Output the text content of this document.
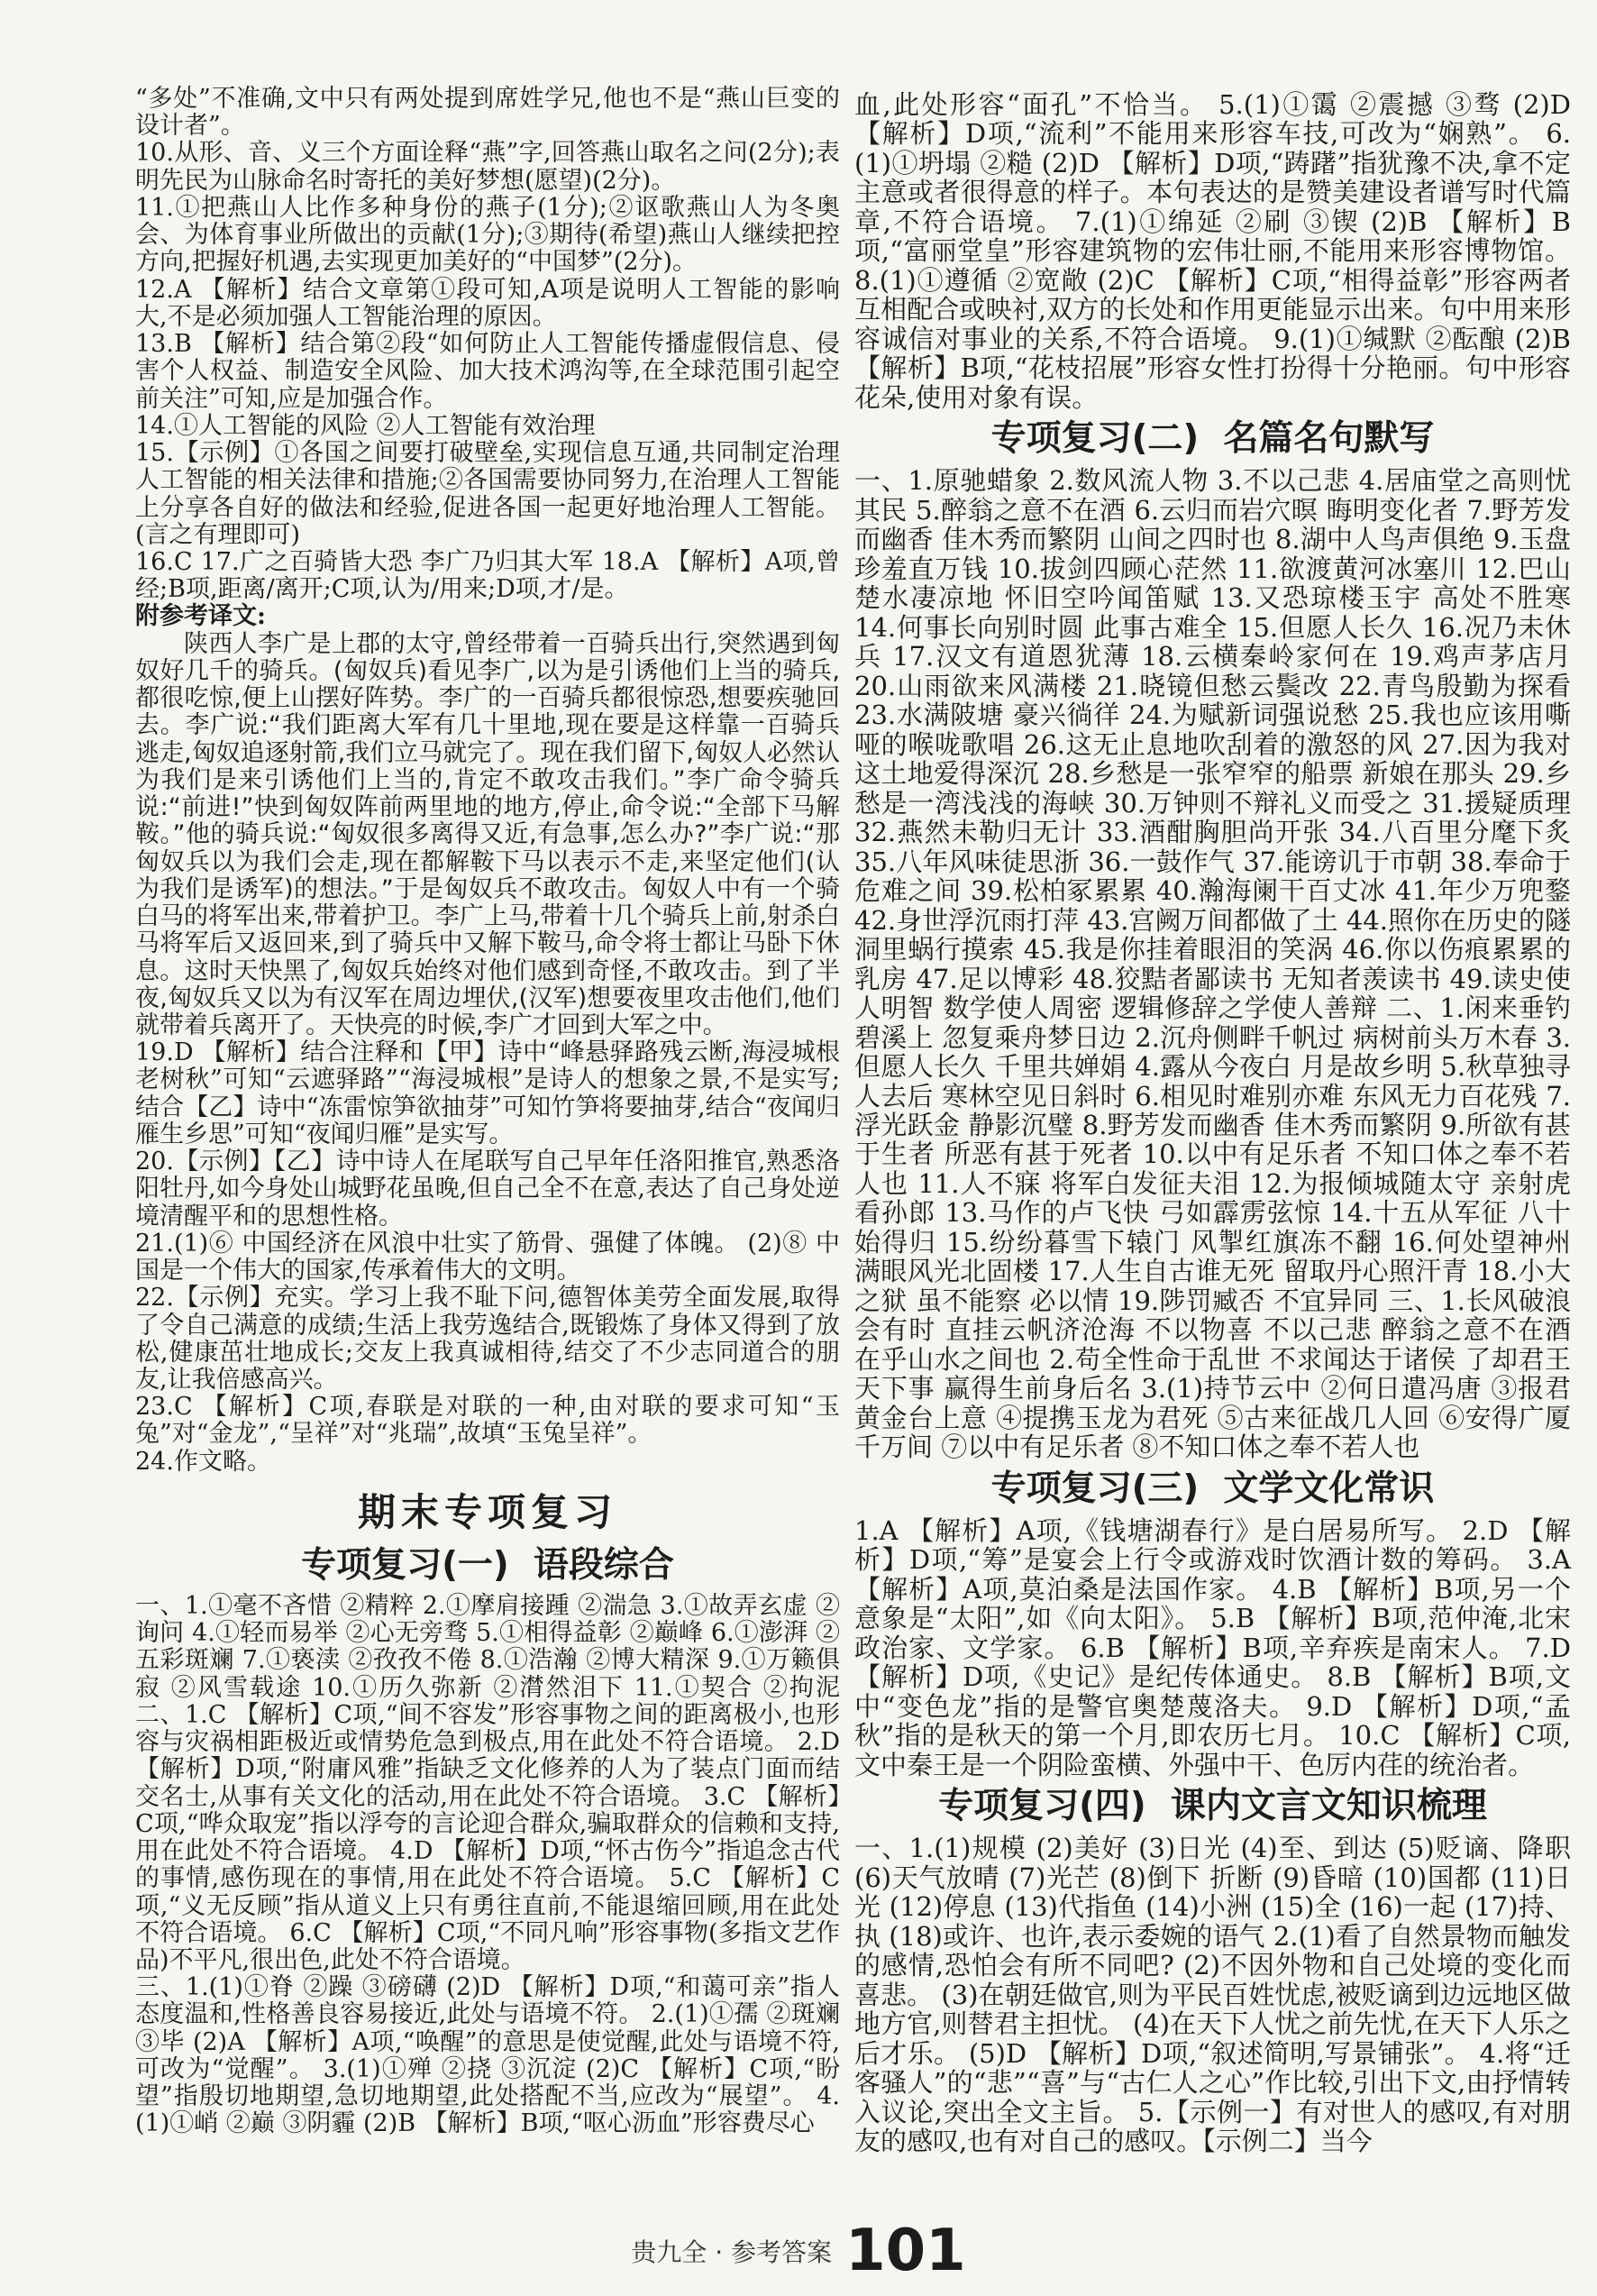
“多处”不准确,文中只有两处提到席姓学兄,他也不是“燕山巨变的设计者”。

10.从形、音、义三个方面诠释“燕”字,回答燕山取名之问(2分);表明先民为山脉命名时寄托的美好梦想(愿望)(2分)。

11.①把燕山人比作多种身份的燕子(1分);②讴歌燕山人为冬奥会、为体育事业所做出的贡献(1分);③期待(希望)燕山人继续把控方向,把握好机遇,去实现更加美好的“中国梦”(2分)。

12.A 【解析】结合文章第①段可知,A项是说明人工智能的影响大,不是必须加强人工智能治理的原因。

13.B 【解析】结合第②段“如何防止人工智能传播虚假信息、侵害个人权益、制造安全风险、加大技术鸿沟等,在全球范围引起空前关注”可知,应是加强合作。

14.①人工智能的风险 ②人工智能有效治理

15.【示例】①各国之间要打破壁垒,实现信息互通,共同制定治理人工智能的相关法律和措施;②各国需要协同努力,在治理人工智能上分享各自好的做法和经验,促进各国一起更好地治理人工智能。(言之有理即可)

16.C 17.广之百骑皆大恐 李广乃归其大军 18.A 【解析】A项,曾经;B项,距离/离开;C项,认为/用来;D项,才/是。

附参考译文:

陕西人李广是上郡的太守,曾经带着一百骑兵出行,突然遇到匈奴好几千的骑兵。(匈奴兵)看见李广,以为是引诱他们上当的骑兵,都很吃惊,便上山摆好阵势。李广的一百骑兵都很惊恐,想要疾驰回去。李广说:“我们距离大军有几十里地,现在要是这样靠一百骑兵逃走,匈奴追逐射箭,我们立马就完了。现在我们留下,匈奴人必然认为我们是来引诱他们上当的,肯定不敢攻击我们。”李广命令骑兵说:“前进!”快到匈奴阵前两里地的地方,停止,命令说:“全部下马解鞍。”他的骑兵说:“匈奴很多离得又近,有急事,怎么办?”李广说:“那匈奴兵以为我们会走,现在都解鞍下马以表示不走,来坚定他们(认为我们是诱军)的想法。”于是匈奴兵不敢攻击。匈奴人中有一个骑白马的将军出来,带着护卫。李广上马,带着十几个骑兵上前,射杀白马将军后又返回来,到了骑兵中又解下鞍马,命令将士都让马卧下休息。这时天快黑了,匈奴兵始终对他们感到奇怪,不敢攻击。到了半夜,匈奴兵又以为有汉军在周边埋伏,(汉军)想要夜里攻击他们,他们就带着兵离开了。天快亮的时候,李广才回到大军之中。

19.D 【解析】结合注释和【甲】诗中“峰悬驿路残云断,海浸城根老树秋”可知“云遮驿路”“海浸城根”是诗人的想象之景,不是实写;结合【乙】诗中“冻雷惊笋欲抽芽”可知竹笋将要抽芽,结合“夜闻归雁生乡思”可知“夜闻归雁”是实写。

20.【示例】【乙】诗中诗人在尾联写自己早年任洛阳推官,熟悉洛阳牡丹,如今身处山城野花虽晚,但自己全不在意,表达了自己身处逆境清醒平和的思想性格。

21.(1)⑥ 中国经济在风浪中壮实了筋骨、强健了体魄。 (2)⑧ 中国是一个伟大的国家,传承着伟大的文明。

22.【示例】充实。学习上我不耻下问,德智体美劳全面发展,取得了令自己满意的成绩;生活上我劳逸结合,既锻炼了身体又得到了放松,健康茁壮地成长;交友上我真诚相待,结交了不少志同道合的朋友,让我倍感高兴。

23.C 【解析】C项,春联是对联的一种,由对联的要求可知“玉兔”对“金龙”,“呈祥”对“兆瑞”,故填“玉兔呈祥”。

24.作文略。

期末专项复习
专项复习(一)  语段综合

一、1.①毫不吝惜 ②精粹 2.①摩肩接踵 ②湍急 3.①故弄玄虚 ②询问 4.①轻而易举 ②心无旁骛 5.①相得益彰 ②巅峰 6.①澎湃 ②五彩斑斓 7.①亵渎 ②孜孜不倦 8.①浩瀚 ②博大精深 9.①万籁俱寂 ②风雪载途 10.①历久弥新 ②潸然泪下 11.①契合 ②拘泥 二、1.C 【解析】C项,“间不容发”形容事物之间的距离极小,也形容与灾祸相距极近或情势危急到极点,用在此处不符合语境。 2.D 【解析】D项,“附庸风雅”指缺乏文化修养的人为了装点门面而结交名士,从事有关文化的活动,用在此处不符合语境。 3.C 【解析】C项,“哗众取宠”指以浮夸的言论迎合群众,骗取群众的信赖和支持,用在此处不符合语境。 4.D 【解析】D项,“怀古伤今”指追念古代的事情,感伤现在的事情,用在此处不符合语境。 5.C 【解析】C项,“义无反顾”指从道义上只有勇往直前,不能退缩回顾,用在此处不符合语境。 6.C 【解析】C项,“不同凡响”形容事物(多指文艺作品)不平凡,很出色,此处不符合语境。
三、1.(1)①脊 ②躁 ③磅礴 (2)D 【解析】D项,“和蔼可亲”指人态度温和,性格善良容易接近,此处与语境不符。 2.(1)①孺 ②斑斓 ③毕 (2)A 【解析】A项,“唤醒”的意思是使觉醒,此处与语境不符,可改为“觉醒”。 3.(1)①殚 ②挠 ③沉淀 (2)C 【解析】C项,“盼望”指殷切地期望,急切地期望,此处搭配不当,应改为“展望”。 4.(1)①峭 ②巅 ③阴霾 (2)B 【解析】B项,“呕心沥血”形容费尽心

血,此处形容“面孔”不恰当。 5.(1)①霭 ②震撼 ③骛 (2)D 【解析】D项,“流利”不能用来形容车技,可改为“娴熟”。 6.(1)①坍塌 ②糙 (2)D 【解析】D项,“踌躇”指犹豫不决,拿不定主意或者很得意的样子。本句表达的是赞美建设者谱写时代篇章,不符合语境。 7.(1)①绵延 ②刷 ③锲 (2)B 【解析】B项,“富丽堂皇”形容建筑物的宏伟壮丽,不能用来形容博物馆。 8.(1)①遵循 ②宽敞 (2)C 【解析】C项,“相得益彰”形容两者互相配合或映衬,双方的长处和作用更能显示出来。句中用来形容诚信对事业的关系,不符合语境。 9.(1)①缄默 ②酝酿 (2)B 【解析】B项,“花枝招展”形容女性打扮得十分艳丽。句中形容花朵,使用对象有误。

专项复习(二)  名篇名句默写

一、1.原驰蜡象 2.数风流人物 3.不以己悲 4.居庙堂之高则忧其民 5.醉翁之意不在酒 6.云归而岩穴暝 晦明变化者 7.野芳发而幽香 佳木秀而繁阴 山间之四时也 8.湖中人鸟声俱绝 9.玉盘珍羞直万钱 10.拔剑四顾心茫然 11.欲渡黄河冰塞川 12.巴山楚水凄凉地 怀旧空吟闻笛赋 13.又恐琼楼玉宇 高处不胜寒 14.何事长向别时圆 此事古难全 15.但愿人长久 16.况乃未休兵 17.汉文有道恩犹薄 18.云横秦岭家何在 19.鸡声茅店月 20.山雨欲来风满楼 21.晓镜但愁云鬓改 22.青鸟殷勤为探看 23.水满陂塘 豪兴徜徉 24.为赋新词强说愁 25.我也应该用嘶哑的喉咙歌唱 26.这无止息地吹刮着的激怒的风 27.因为我对这土地爱得深沉 28.乡愁是一张窄窄的船票 新娘在那头 29.乡愁是一湾浅浅的海峡 30.万钟则不辩礼义而受之 31.援疑质理 32.燕然未勒归无计 33.酒酣胸胆尚开张 34.八百里分麾下炙 35.八年风味徒思浙 36.一鼓作气 37.能谤讥于市朝 38.奉命于危难之间 39.松柏冢累累 40.瀚海阑干百丈冰 41.年少万兜鍪 42.身世浮沉雨打萍 43.宫阙万间都做了土 44.照你在历史的隧洞里蜗行摸索 45.我是你挂着眼泪的笑涡 46.你以伤痕累累的乳房 47.足以博彩 48.狡黠者鄙读书 无知者羡读书 49.读史使人明智 数学使人周密 逻辑修辞之学使人善辩 二、1.闲来垂钓碧溪上 忽复乘舟梦日边 2.沉舟侧畔千帆过 病树前头万木春 3.但愿人长久 千里共婵娟 4.露从今夜白 月是故乡明 5.秋草独寻人去后 寒林空见日斜时 6.相见时难别亦难 东风无力百花残 7.浮光跃金 静影沉璧 8.野芳发而幽香 佳木秀而繁阴 9.所欲有甚于生者 所恶有甚于死者 10.以中有足乐者 不知口体之奉不若人也 11.人不寐 将军白发征夫泪 12.为报倾城随太守 亲射虎 看孙郎 13.马作的卢飞快 弓如霹雳弦惊 14.十五从军征 八十始得归 15.纷纷暮雪下辕门 风掣红旗冻不翻 16.何处望神州 满眼风光北固楼 17.人生自古谁无死 留取丹心照汗青 18.小大之狱 虽不能察 必以情 19.陟罚臧否 不宜异同 三、1.长风破浪会有时 直挂云帆济沧海 不以物喜 不以己悲 醉翁之意不在酒 在乎山水之间也 2.苟全性命于乱世 不求闻达于诸侯 了却君王天下事 赢得生前身后名 3.(1)持节云中 ②何日遣冯唐 ③报君黄金台上意 ④提携玉龙为君死 ⑤古来征战几人回 ⑥安得广厦千万间 ⑦以中有足乐者 ⑧不知口体之奉不若人也

专项复习(三)  文学文化常识

1.A 【解析】A项,《钱塘湖春行》是白居易所写。 2.D 【解析】D项,“筹”是宴会上行令或游戏时饮酒计数的筹码。 3.A 【解析】A项,莫泊桑是法国作家。 4.B 【解析】B项,另一个意象是“太阳”,如《向太阳》。 5.B 【解析】B项,范仲淹,北宋政治家、文学家。 6.B 【解析】B项,辛弃疾是南宋人。 7.D 【解析】D项,《史记》是纪传体通史。 8.B 【解析】B项,文中“变色龙”指的是警官奥楚蔑洛夫。 9.D 【解析】D项,“孟秋”指的是秋天的第一个月,即农历七月。 10.C 【解析】C项,文中秦王是一个阴险蛮横、外强中干、色厉内荏的统治者。

专项复习(四)  课内文言文知识梳理

一、1.(1)规模 (2)美好 (3)日光 (4)至、到达 (5)贬谪、降职 (6)天气放晴 (7)光芒 (8)倒下 折断 (9)昏暗 (10)国都 (11)日光 (12)停息 (13)代指鱼 (14)小洲 (15)全 (16)一起 (17)持、执 (18)或许、也许,表示委婉的语气 2.(1)看了自然景物而触发的感情,恐怕会有所不同吧? (2)不因外物和自己处境的变化而喜悲。 (3)在朝廷做官,则为平民百姓忧虑,被贬谪到边远地区做地方官,则替君主担忧。 (4)在天下人忧之前先忧,在天下人乐之后才乐。 (5)D 【解析】D项,“叙述简明,写景铺张”。 4.将“迁客骚人”的“悲”“喜”与“古仁人之心”作比较,引出下文,由抒情转入议论,突出全文主旨。 5.【示例一】有对世人的感叹,有对朋友的感叹,也有对自己的感叹。【示例二】当今

贵九全 · 参考答案 101
